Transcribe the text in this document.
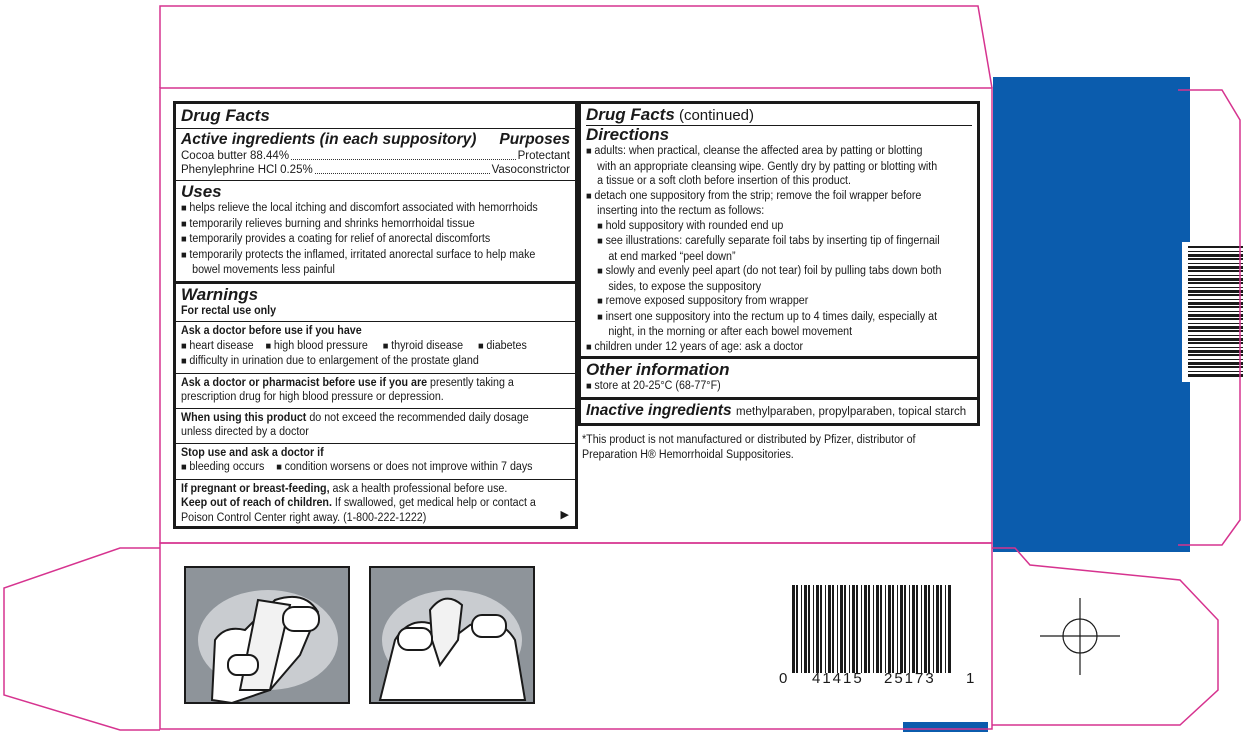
Drug Facts
Active ingredients (in each suppository) Purposes
Cocoa butter 88.44%	Protectant
Phenylephrine HCl 0.25%	Vasoconstrictor
Uses
■ helps relieve the local itching and discomfort associated with hemorrhoids
■ temporarily relieves burning and shrinks hemorrhoidal tissue
■ temporarily provides a coating for relief of anorectal discomforts
■ temporarily protects the inflamed, irritated anorectal surface to help make
bowel movements less painful
Warnings
For rectal use only
Ask a doctor before use if you have
■ heart disease ■ high blood pressure ■ thyroid disease ■ diabetes
■ difficulty in urination due to enlargement of the prostate gland
Ask a doctor or pharmacist before use if you are presently taking a
prescription drug for high blood pressure or depression.
When using this product do not exceed the recommended daily dosage
unless directed by a doctor
Stop use and ask a doctor if
■ bleeding occurs ■ condition worsens or does not improve within 7 days
If pregnant or breast-feeding, ask a health professional before use.
Keep out of reach of children. If swallowed, get medical help or contact a
Poison Control Center right away. (1-800-222-1222)	▶
Drug Facts (continued)
Directions
■ adults: when practical, cleanse the affected area by patting or blotting
with an appropriate cleansing wipe. Gently dry by patting or blotting with
a tissue or a soft cloth before insertion of this product.
■ detach one suppository from the strip; remove the foil wrapper before
inserting into the rectum as follows:
■ hold suppository with rounded end up
■ see illustrations: carefully separate foil tabs by inserting tip of fingernail
at end marked “peel down”
■ slowly and evenly peel apart (do not tear) foil by pulling tabs down both
sides, to expose the suppository
■ remove exposed suppository from wrapper
■ insert one suppository into the rectum up to 4 times daily, especially at
night, in the morning or after each bowel movement
■ children under 12 years of age: ask a doctor
Other information
■ store at 20-25°C (68-77°F)
Inactive ingredients methylparaben, propylparaben, topical starch
*This product is not manufactured or distributed by Pfizer, distributor of
Preparation H® Hemorrhoidal Suppositories.
0 41415 25173 1
